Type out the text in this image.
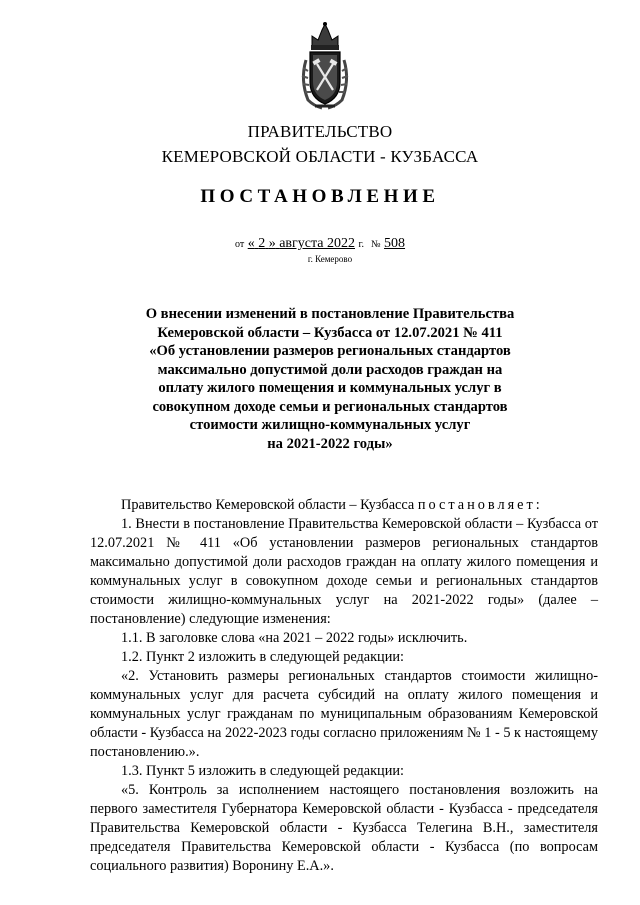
ПРАВИТЕЛЬСТВО
КЕМЕРОВСКОЙ ОБЛАСТИ - КУЗБАССА
ПОСТАНОВЛЕНИЕ
от « 2 » августа 2022 г. № 508
г. Кемерово
О внесении изменений в постановление Правительства
Кемеровской области – Кузбасса от 12.07.2021 № 411
«Об установлении размеров региональных стандартов
максимально допустимой доли расходов граждан на
оплату жилого помещения и коммунальных услуг в
совокупном доходе семьи и региональных стандартов
стоимости жилищно-коммунальных услуг
на 2021-2022 годы»

Правительство Кемеровской области – Кузбасса постановляет:

1. Внести в постановление Правительства Кемеровской области – Кузбасса от 12.07.2021 № 411 «Об установлении размеров региональных стандартов максимально допустимой доли расходов граждан на оплату жилого помещения и коммунальных услуг в совокупном доходе семьи и региональных стандартов стоимости жилищно-коммунальных услуг на 2021-2022 годы» (далее – постановление) следующие изменения:

1.1. В заголовке слова «на 2021 – 2022 годы» исключить.

1.2. Пункт 2 изложить в следующей редакции:

«2. Установить размеры региональных стандартов стоимости жилищно-коммунальных услуг для расчета субсидий на оплату жилого помещения и коммунальных услуг гражданам по муниципальным образованиям Кемеровской области - Кузбасса на 2022-2023 годы согласно приложениям № 1 - 5 к настоящему постановлению.».

1.3. Пункт 5 изложить в следующей редакции:

«5. Контроль за исполнением настоящего постановления возложить на первого заместителя Губернатора Кемеровской области - Кузбасса - председателя Правительства Кемеровской области - Кузбасса Телегина В.Н., заместителя председателя Правительства Кемеровской области - Кузбасса (по вопросам социального развития) Воронину Е.А.».
